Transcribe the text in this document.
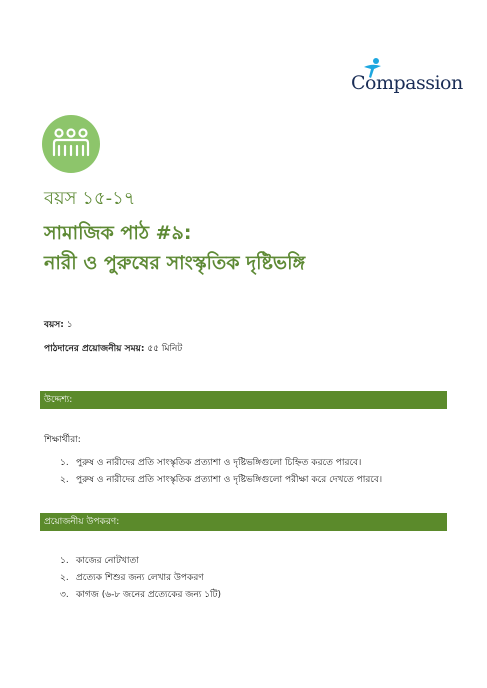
Compassion
বয়স ১৫-১৭
সামাজিক পাঠ #৯:
নারী ও পুরুষের সাংস্কৃতিক দৃষ্টিভঙ্গি
বয়স: ১
পাঠদানের প্রয়োজনীয় সময়: ৫৫ মিনিট
উদ্দেশ্য:
শিক্ষার্থীরা:
১. পুরুষ ও নারীদের প্রতি সাংস্কৃতিক প্রত্যাশা ও দৃষ্টিভঙ্গিগুলো চিহ্নিত করতে পারবে।
২. পুরুষ ও নারীদের প্রতি সাংস্কৃতিক প্রত্যাশা ও দৃষ্টিভঙ্গিগুলো পরীক্ষা করে দেখতে পারবে।
প্রয়োজনীয় উপকরণ:
১. কাজের নোটখাতা
২. প্রত্যেক শিশুর জন্য লেখার উপকরণ
৩. কাগজ (৬-৮ জনের প্রত্যেকের জন্য ১টি)
